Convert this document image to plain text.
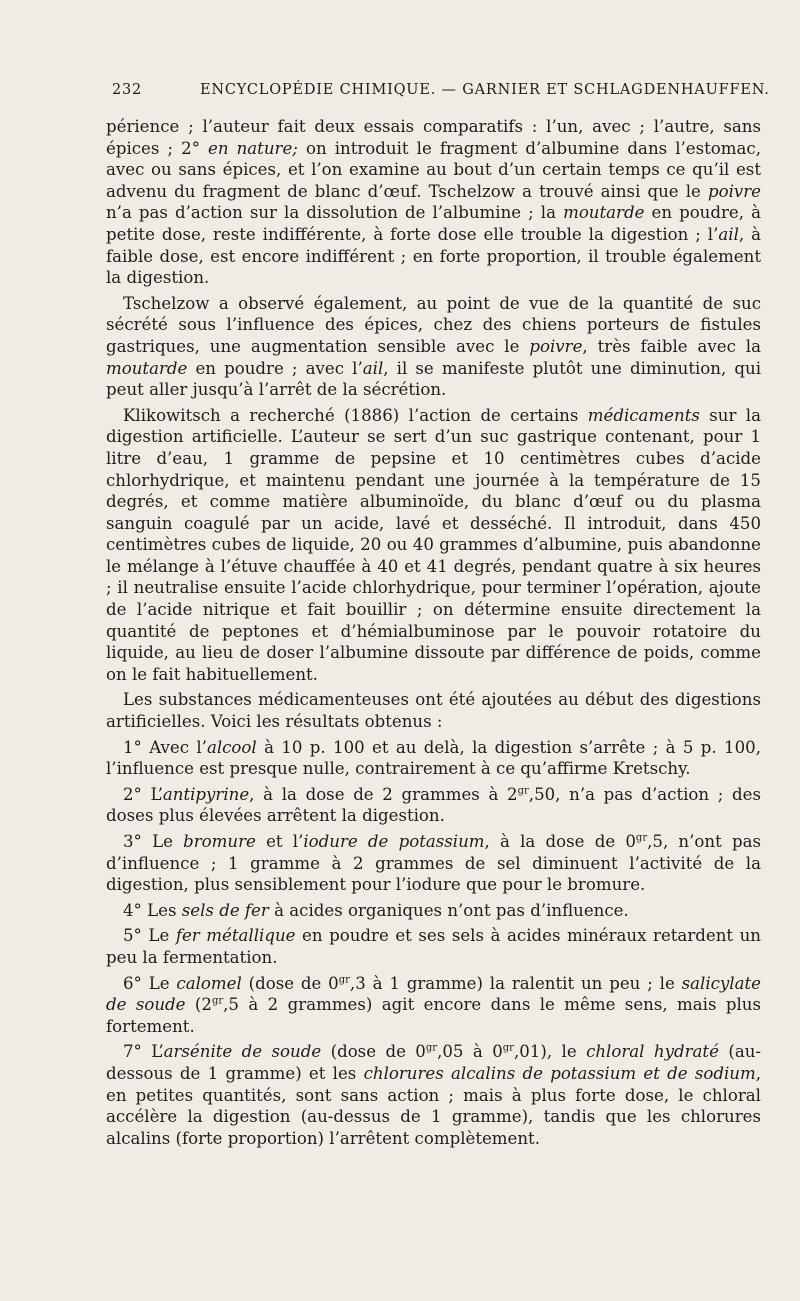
232	ENCYCLOPÉDIE CHIMIQUE. — GARNIER ET SCHLAGDENHAUFFEN.

périence ; l’auteur fait deux essais comparatifs : l’un, avec ; l’autre, sans épices ; 2° en nature; on introduit le fragment d’albumine dans l’estomac, avec ou sans épices, et l’on examine au bout d’un certain temps ce qu’il est advenu du fragment de blanc d’œuf. Tschelzow a trouvé ainsi que le poivre n’a pas d’action sur la dissolution de l’albumine ; la moutarde en poudre, à petite dose, reste indifférente, à forte dose elle trouble la digestion ; l’ail, à faible dose, est encore indifférent ; en forte proportion, il trouble également la digestion.

Tschelzow a observé également, au point de vue de la quantité de suc sécrété sous l’influence des épices, chez des chiens porteurs de fistules gastriques, une augmentation sensible avec le poivre, très faible avec la moutarde en poudre ; avec l’ail, il se manifeste plutôt une diminution, qui peut aller jusqu’à l’arrêt de la sécrétion.

Klikowitsch a recherché (1886) l’action de certains médicaments sur la digestion artificielle. L’auteur se sert d’un suc gastrique contenant, pour 1 litre d’eau, 1 gramme de pepsine et 10 centimètres cubes d’acide chlorhydrique, et maintenu pendant une journée à la température de 15 degrés, et comme matière albuminoïde, du blanc d’œuf ou du plasma sanguin coagulé par un acide, lavé et desséché. Il introduit, dans 450 centimètres cubes de liquide, 20 ou 40 grammes d’albumine, puis abandonne le mélange à l’étuve chauffée à 40 et 41 degrés, pendant quatre à six heures ; il neutralise ensuite l’acide chlorhydrique, pour terminer l’opération, ajoute de l’acide nitrique et fait bouillir ; on détermine ensuite directement la quantité de peptones et d’hémialbuminose par le pouvoir rotatoire du liquide, au lieu de doser l’albumine dissoute par différence de poids, comme on le fait habituellement.

Les substances médicamenteuses ont été ajoutées au début des digestions artificielles. Voici les résultats obtenus :

1° Avec l’alcool à 10 p. 100 et au delà, la digestion s’arrête ; à 5 p. 100, l’influence est presque nulle, contrairement à ce qu’affirme Kretschy.

2° L’antipyrine, à la dose de 2 grammes à $2^{gr},50$, n’a pas d’action ; des doses plus élevées arrêtent la digestion.

3° Le bromure et l’iodure de potassium, à la dose de $0^{gr},5$, n’ont pas d’influence ; 1 gramme à 2 grammes de sel diminuent l’activité de la digestion, plus sensiblement pour l’iodure que pour le bromure.

4° Les sels de fer à acides organiques n’ont pas d’influence.

5° Le fer métallique en poudre et ses sels à acides minéraux retardent un peu la fermentation.

6° Le calomel (dose de $0^{gr},3$ à 1 gramme) la ralentit un peu ; le salicylate de soude ($2^{gr},5$ à 2 grammes) agit encore dans le même sens, mais plus fortement.

7° L’arsénite de soude (dose de $0^{gr},05$ à $0^{gr},01$), le chloral hydraté (au-dessous de 1 gramme) et les chlorures alcalins de potassium et de sodium, en petites quantités, sont sans action ; mais à plus forte dose, le chloral accélère la digestion (au-dessus de 1 gramme), tandis que les chlorures alcalins (forte proportion) l’arrêtent complètement.
